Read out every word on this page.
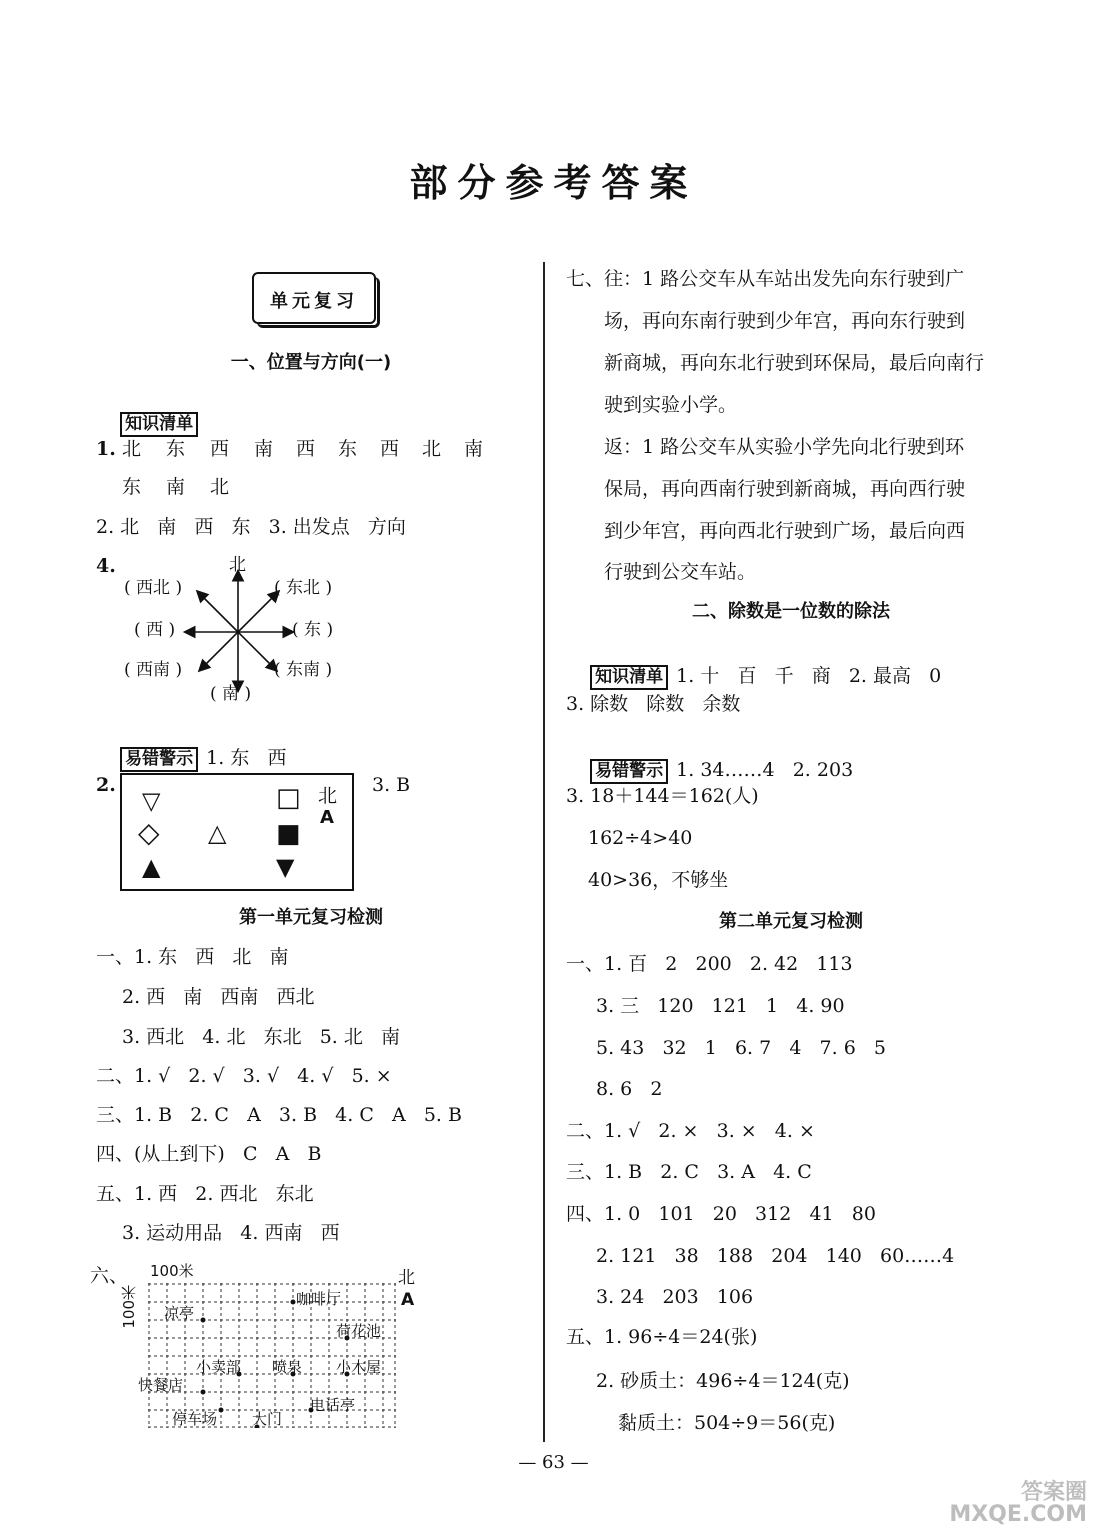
部分参考答案
单元复习
一、位置与方向(一)

知识清单

1. 北 东 西 南 西 东 西 北 南
东 南 北
2. 北   南   西   东   3. 出发点   方向
4.	北
( 西北 )	( 东北 )
( 西 )	( 东 )
( 西南 )	( 东南 )
( 南 )

易错警示 1. 东   西

2.	3. B
▽	□ 北
A
◇ △ ■
▲	▼
第一单元复习检测
一、1. 东   西   北   南
2. 西   南   西南   西北
3. 西北   4. 北   东北   5. 北   南
二、1. √   2. √   3. √   4. √   5. ×
三、1. B   2. C   A   3. B   4. C   A   5. B
四、(从上到下)   C   A   B
五、1. 西   2. 西北   东北
3. 运动用品   4. 西南   西
六、 100米
100米
北
A
凉亭
咖啡厅
荷花池
小卖部 喷泉 小木屋
快餐店
停车场 大门
电话亭
七、往：1 路公交车从车站出发先向东行驶到广
场，再向东南行驶到少年宫，再向东行驶到
新商城，再向东北行驶到环保局，最后向南行
驶到实验小学。
返：1 路公交车从实验小学先向北行驶到环
保局，再向西南行驶到新商城，再向西行驶
到少年宫，再向西北行驶到广场，最后向西
行驶到公交车站。
二、除数是一位数的除法

知识清单 1. 十   百   千   商   2. 最高   0

3. 除数   除数   余数

易错警示 1. 34……4   2. 203

3. 18＋144＝162(人)
162÷4>40
40>36，不够坐
第二单元复习检测
一、1. 百   2   200   2. 42   113
3. 三   120   121   1   4. 90
5. 43   32   1   6. 7   4   7. 6   5
8. 6   2
二、1. √   2. ×   3. ×   4. ×
三、1. B   2. C   3. A   4. C
四、1. 0   101   20   312   41   80
2. 121   38   188   204   140   60……4
3. 24   203   106
五、1. 96÷4＝24(张)
2. 砂质土：496÷4＝124(克)
黏质土：504÷9＝56(克)
— 63 —
答案圈 MXQE.COM
